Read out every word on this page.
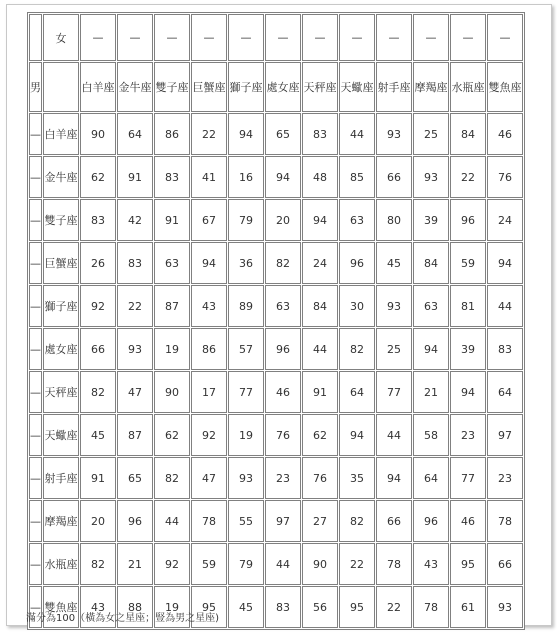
	女	—	—	—	—	—	—	—	—	—	—	—	—
男		白羊座	金牛座	雙子座	巨蟹座	獅子座	處女座	天秤座	天蠍座	射手座	摩羯座	水瓶座	雙魚座
—	白羊座	90	64	86	22	94	65	83	44	93	25	84	46
—	金牛座	62	91	83	41	16	94	48	85	66	93	22	76
—	雙子座	83	42	91	67	79	20	94	63	80	39	96	24
—	巨蟹座	26	83	63	94	36	82	24	96	45	84	59	94
—	獅子座	92	22	87	43	89	63	84	30	93	63	81	44
—	處女座	66	93	19	86	57	96	44	82	25	94	39	83
—	天秤座	82	47	90	17	77	46	91	64	77	21	94	64
—	天蠍座	45	87	62	92	19	76	62	94	44	58	23	97
—	射手座	91	65	82	47	93	23	76	35	94	64	77	23
—	摩羯座	20	96	44	78	55	97	27	82	66	96	46	78
—	水瓶座	82	21	92	59	79	44	90	22	78	43	95	66
—	雙魚座	43	88	19	95	45	83	56	95	22	78	61	93
滿分為100（橫為女之星座；豎為男之星座)
